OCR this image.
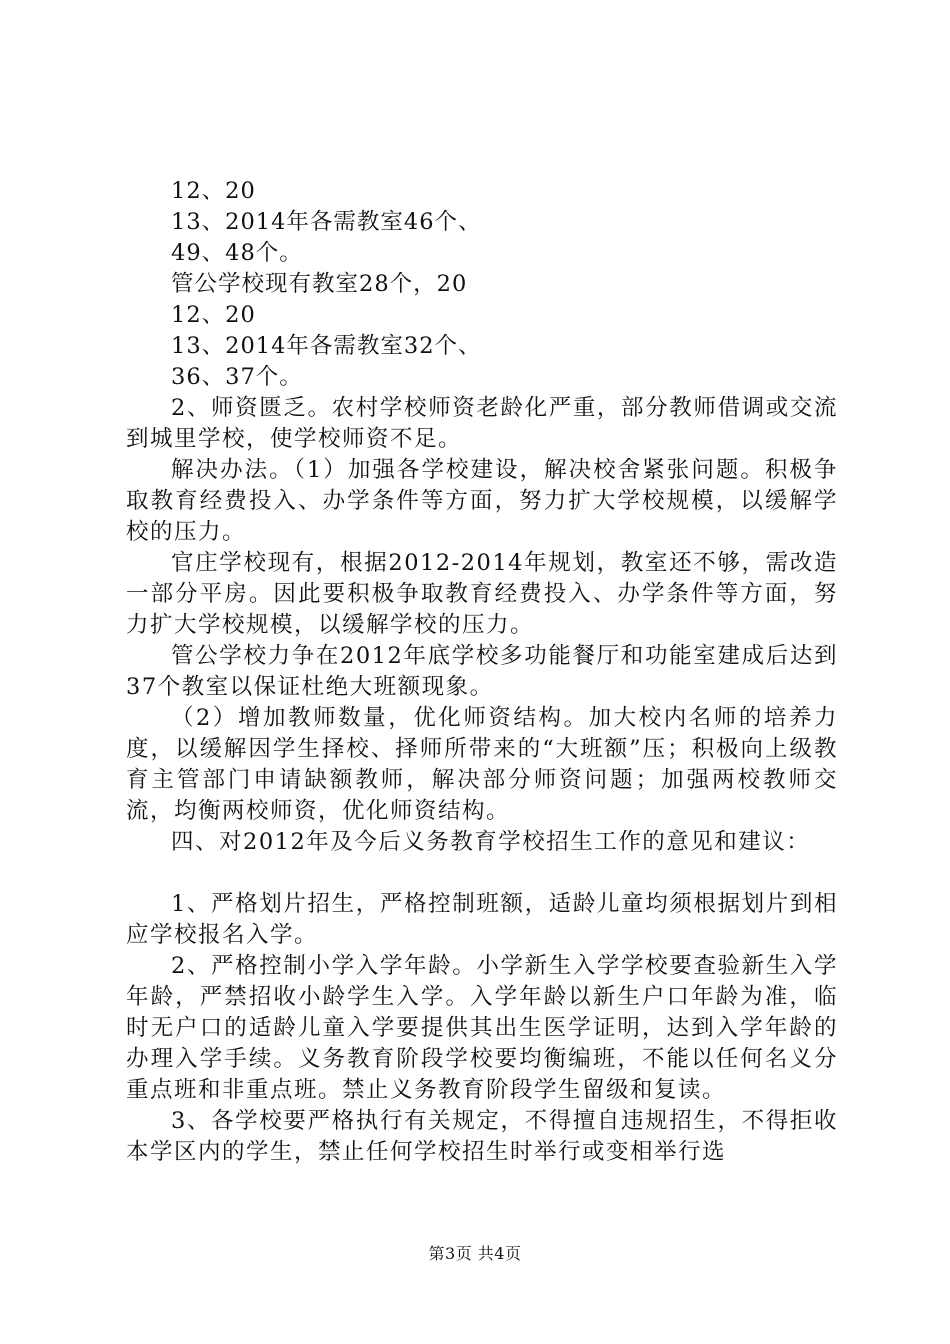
12、20

13、2014年各需教室46个、

49、48个。

管公学校现有教室28个，20

12、20

13、2014年各需教室32个、

36、37个。

2、师资匮乏。农村学校师资老龄化严重，部分教师借调或交流到城里学校，使学校师资不足。

解决办法。（1）加强各学校建设，解决校舍紧张问题。积极争取教育经费投入、办学条件等方面，努力扩大学校规模，以缓解学校的压力。

官庄学校现有，根据2012-2014年规划，教室还不够，需改造一部分平房。因此要积极争取教育经费投入、办学条件等方面，努力扩大学校规模，以缓解学校的压力。

管公学校力争在2012年底学校多功能餐厅和功能室建成后达到37个教室以保证杜绝大班额现象。

（2）增加教师数量，优化师资结构。加大校内名师的培养力度，以缓解因学生择校、择师所带来的“大班额”压；积极向上级教育主管部门申请缺额教师，解决部分师资问题；加强两校教师交流，均衡两校师资，优化师资结构。

四、对2012年及今后义务教育学校招生工作的意见和建议：

1、严格划片招生，严格控制班额，适龄儿童均须根据划片到相应学校报名入学。

2、严格控制小学入学年龄。小学新生入学学校要查验新生入学年龄，严禁招收小龄学生入学。入学年龄以新生户口年龄为准，临时无户口的适龄儿童入学要提供其出生医学证明，达到入学年龄的办理入学手续。义务教育阶段学校要均衡编班，不能以任何名义分重点班和非重点班。禁止义务教育阶段学生留级和复读。

3、各学校要严格执行有关规定，不得擅自违规招生，不得拒收本学区内的学生，禁止任何学校招生时举行或变相举行选

第3页 共4页
